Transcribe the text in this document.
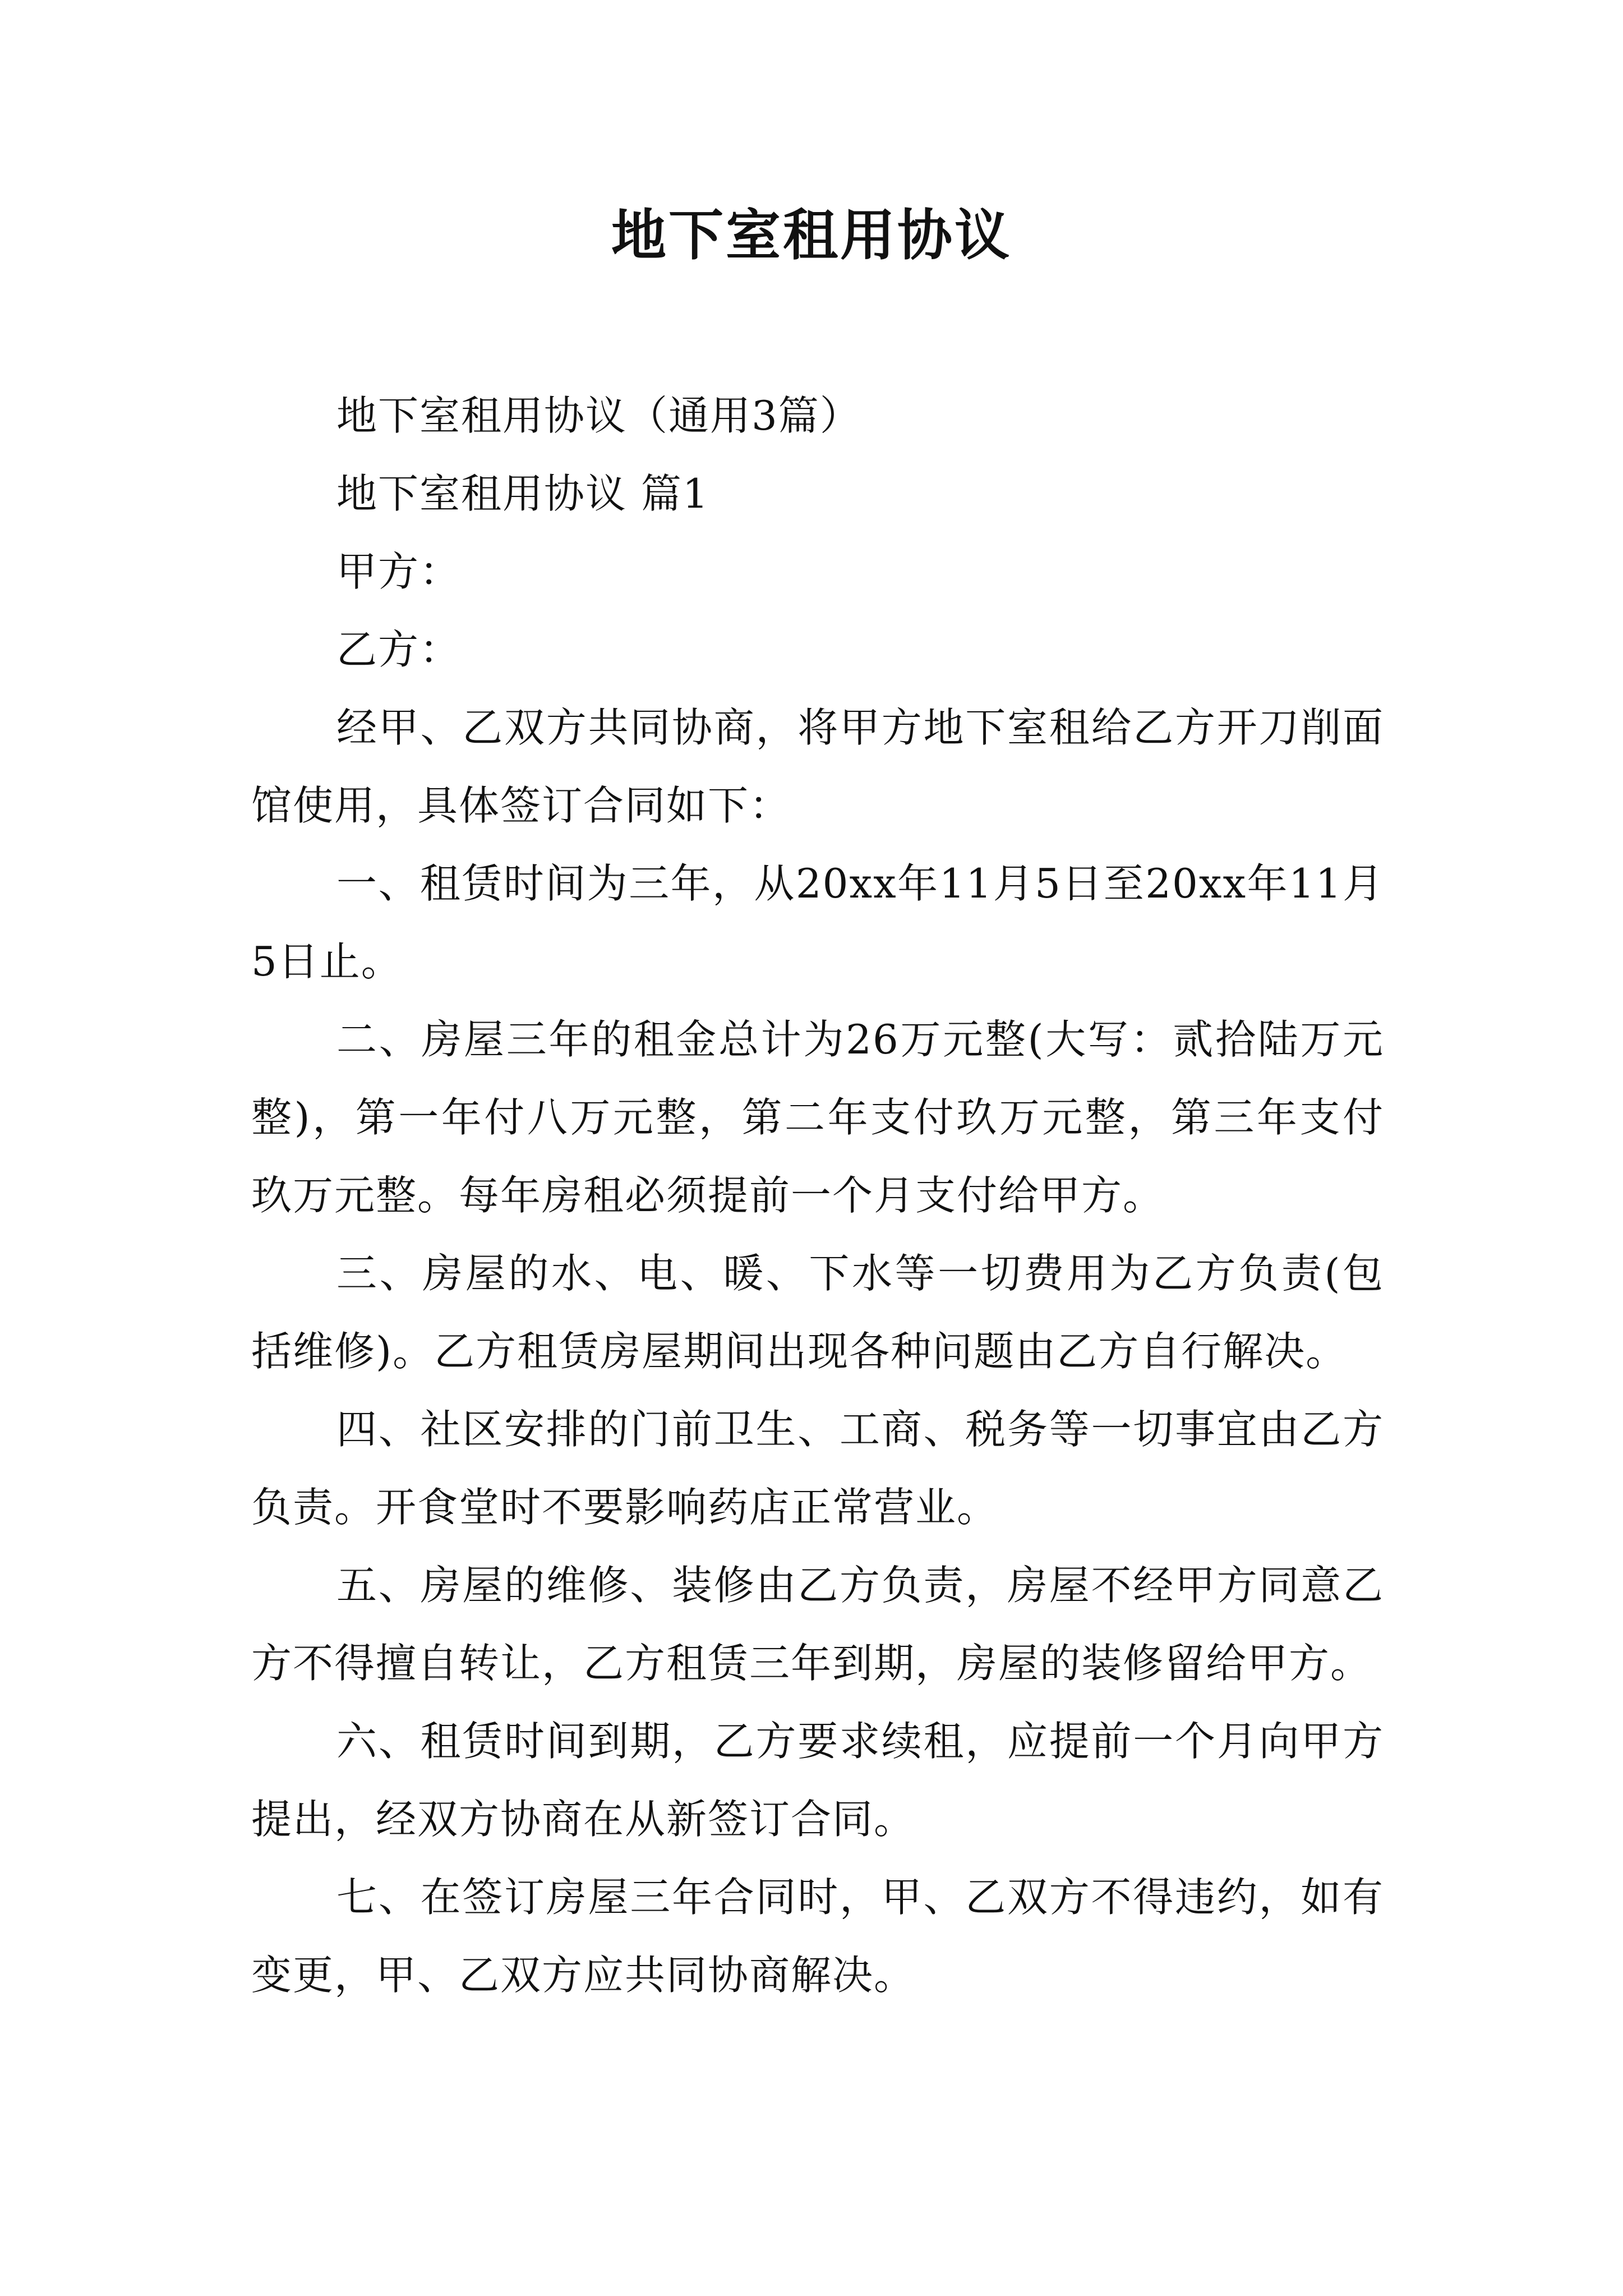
地下室租用协议

地下室租用协议（通用3篇）

地下室租用协议 篇1

甲方：

乙方：

经甲、乙双方共同协商，将甲方地下室租给乙方开刀削面馆使用，具体签订合同如下：

一、租赁时间为三年，从20xx年11月5日至20xx年11月5日止。

二、房屋三年的租金总计为26万元整(大写：贰拾陆万元整)，第一年付八万元整，第二年支付玖万元整，第三年支付玖万元整。每年房租必须提前一个月支付给甲方。

三、房屋的水、电、暖、下水等一切费用为乙方负责(包括维修)。乙方租赁房屋期间出现各种问题由乙方自行解决。

四、社区安排的门前卫生、工商、税务等一切事宜由乙方负责。开食堂时不要影响药店正常营业。

五、房屋的维修、装修由乙方负责，房屋不经甲方同意乙方不得擅自转让，乙方租赁三年到期，房屋的装修留给甲方。

六、租赁时间到期，乙方要求续租，应提前一个月向甲方提出，经双方协商在从新签订合同。

七、在签订房屋三年合同时，甲、乙双方不得违约，如有变更，甲、乙双方应共同协商解决。
